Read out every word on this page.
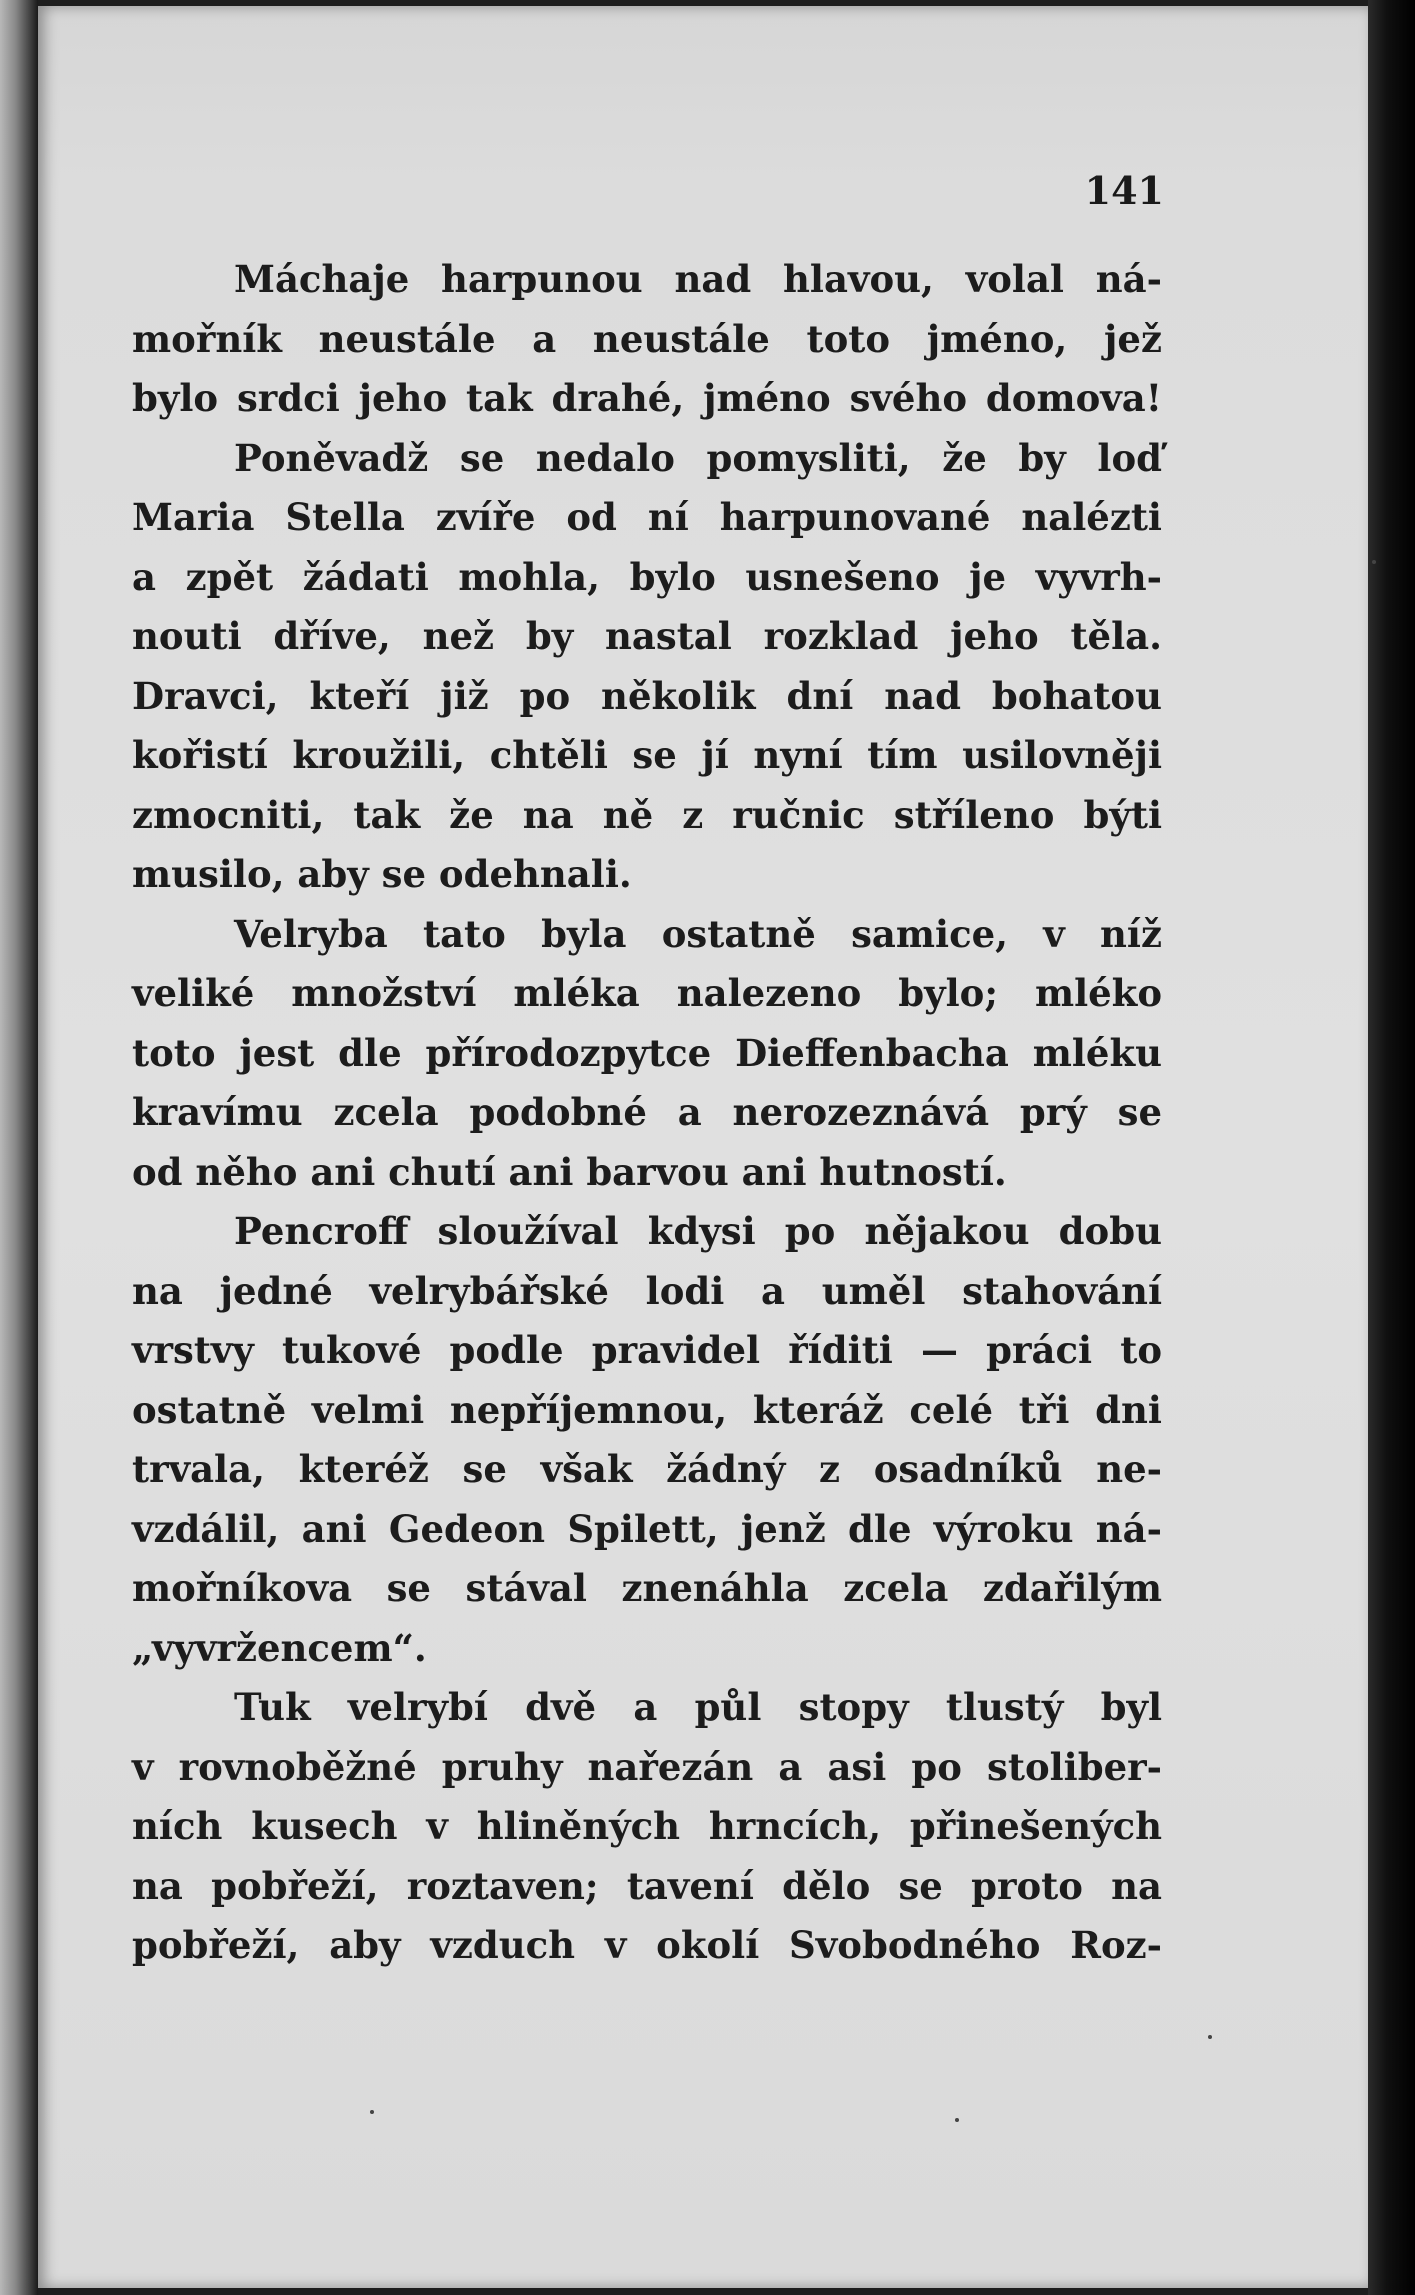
141

Máchaje harpunou nad hlavou, volal ná-
mořník neustále a neustále toto jméno, jež
bylo srdci jeho tak drahé, jméno svého domova!
Poněvadž se nedalo pomysliti, že by loď
Maria Stella zvíře od ní harpunované nalézti
a zpět žádati mohla, bylo usnešeno je vyvrh-
nouti dříve, než by nastal rozklad jeho těla.
Dravci, kteří již po několik dní nad bohatou
kořistí kroužili, chtěli se jí nyní tím usilovněji
zmocniti, tak že na ně z ručnic stříleno býti
musilo, aby se odehnali.
Velryba tato byla ostatně samice, v níž
veliké množství mléka nalezeno bylo; mléko
toto jest dle přírodozpytce Dieffenbacha mléku
kravímu zcela podobné a nerozeznává prý se
od něho ani chutí ani barvou ani hutností.
Pencroff sloužíval kdysi po nějakou dobu
na jedné velrybářské lodi a uměl stahování
vrstvy tukové podle pravidel říditi — práci to
ostatně velmi nepříjemnou, kteráž celé tři dni
trvala, kteréž se však žádný z osadníků ne-
vzdálil, ani Gedeon Spilett, jenž dle výroku ná-
mořníkova se stával znenáhla zcela zdařilým
„vyvržencem“.
Tuk velrybí dvě a půl stopy tlustý byl
v rovnoběžné pruhy nařezán a asi po stoliber-
ních kusech v hliněných hrncích, přinešených
na pobřeží, roztaven; tavení dělo se proto na
pobřeží, aby vzduch v okolí Svobodného Roz-
